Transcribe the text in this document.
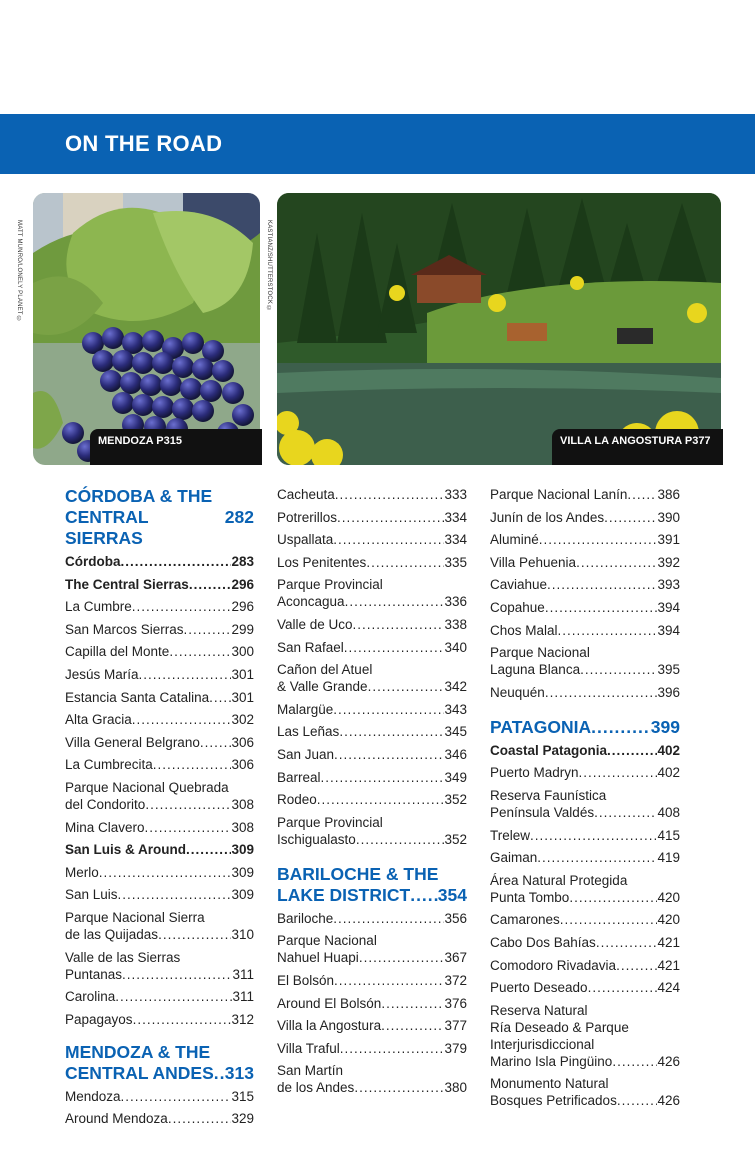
ON THE ROAD
MATT MUNRO/LONELY PLANET ©
MENDOZA P315
KASTIANZ/SHUTTERSTOCK ©
VILLA LA ANGOSTURA P377
CÓRDOBA & THE
CENTRAL SIERRAS
282
Córdoba .....	283
The Central Sierras .....	296
La Cumbre .....	296
San Marcos Sierras .....	299
Capilla del Monte .....	300
Jesús María .....	301
Estancia Santa Catalina ..... 301
Alta Gracia .....	302
Villa General Belgrano ..... 306
La Cumbrecita .....	306
Parque Nacional Quebrada
del Condorito .....	308
Mina Clavero .....	308
San Luis & Around .....	309
Merlo .....	309
San Luis .....	309
Parque Nacional Sierra
de las Quijadas .....	310
Valle de las Sierras
Puntanas .....	311
Carolina .....	311
Papagayos .....	312
MENDOZA & THE
CENTRAL ANDES ..... 313
Mendoza .....	315
Around Mendoza .....	329
Cacheuta .....	333
Potrerillos .....	334
Uspallata .....	334
Los Penitentes .....	335
Parque Provincial
Aconcagua .....	336
Valle de Uco .....	338
San Rafael .....	340
Cañon del Atuel
& Valle Grande .....	342
Malargüe .....	343
Las Leñas .....	345
San Juan .....	346
Barreal .....	349
Rodeo .....	352
Parque Provincial
Ischigualasto .....	352
BARILOCHE & THE
LAKE DISTRICT ..... 354
Bariloche .....	356
Parque Nacional
Nahuel Huapi .....	367
El Bolsón .....	372
Around El Bolsón .....	376
Villa la Angostura .....	377
Villa Traful .....	379
San Martín
de los Andes .....	380
Parque Nacional Lanín ..... 386
Junín de los Andes .....	390
Aluminé .....	391
Villa Pehuenia .....	392
Caviahue .....	393
Copahue .....	394
Chos Malal .....	394
Parque Nacional
Laguna Blanca .....	395
Neuquén .....	396
PATAGONIA .....	399
Coastal Patagonia .....	402
Puerto Madryn .....	402
Reserva Faunística
Península Valdés .....	408
Trelew .....	415
Gaiman .....	419
Área Natural Protegida
Punta Tombo .....	420
Camarones .....	420
Cabo Dos Bahías .....	421
Comodoro Rivadavia .....	421
Puerto Deseado .....	424
Reserva Natural
Ría Deseado & Parque
Interjurisdiccional
Marino Isla Pingüino .....	426
Monumento Natural
Bosques Petrificados .....	426
